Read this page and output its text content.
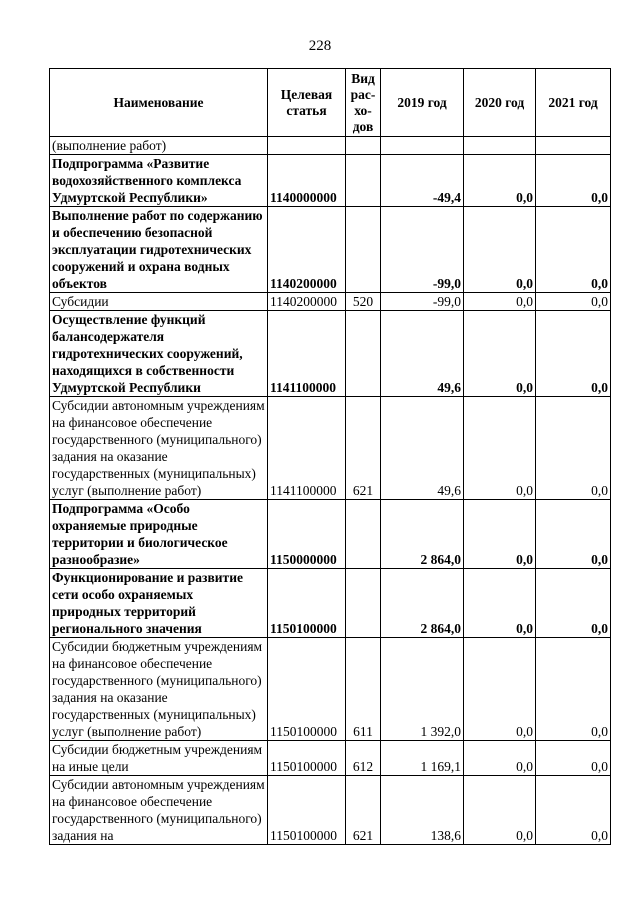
228
Наименование	Целевая статья	Вид рас-хо-дов	2019 год	2020 год	2021 год
(выполнение работ)					
Подпрограмма «Развитие водохозяйственного комплекса Удмуртской Республики»	1140000000		-49,4	0,0	0,0
Выполнение работ по содержанию и обеспечению безопасной эксплуатации гидротехнических сооружений и охрана водных объектов	1140200000		-99,0	0,0	0,0
Субсидии	1140200000	520	-99,0	0,0	0,0
Осуществление функций балансодержателя гидротехнических сооружений, находящихся в собственности Удмуртской Республики	1141100000		49,6	0,0	0,0
Субсидии автономным учреждениям на финансовое обеспечение государственного (муниципального) задания на оказание государственных (муниципальных) услуг (выполнение работ)	1141100000	621	49,6	0,0	0,0
Подпрограмма «Особо охраняемые природные территории и биологическое разнообразие»	1150000000		2 864,0	0,0	0,0
Функционирование и развитие сети особо охраняемых природных территорий регионального значения	1150100000		2 864,0	0,0	0,0
Субсидии бюджетным учреждениям на финансовое обеспечение государственного (муниципального) задания на оказание государственных (муниципальных) услуг (выполнение работ)	1150100000	611	1 392,0	0,0	0,0
Субсидии бюджетным учреждениям на иные цели	1150100000	612	1 169,1	0,0	0,0
Субсидии автономным учреждениям на финансовое обеспечение государственного (муниципального) задания на	1150100000	621	138,6	0,0	0,0
